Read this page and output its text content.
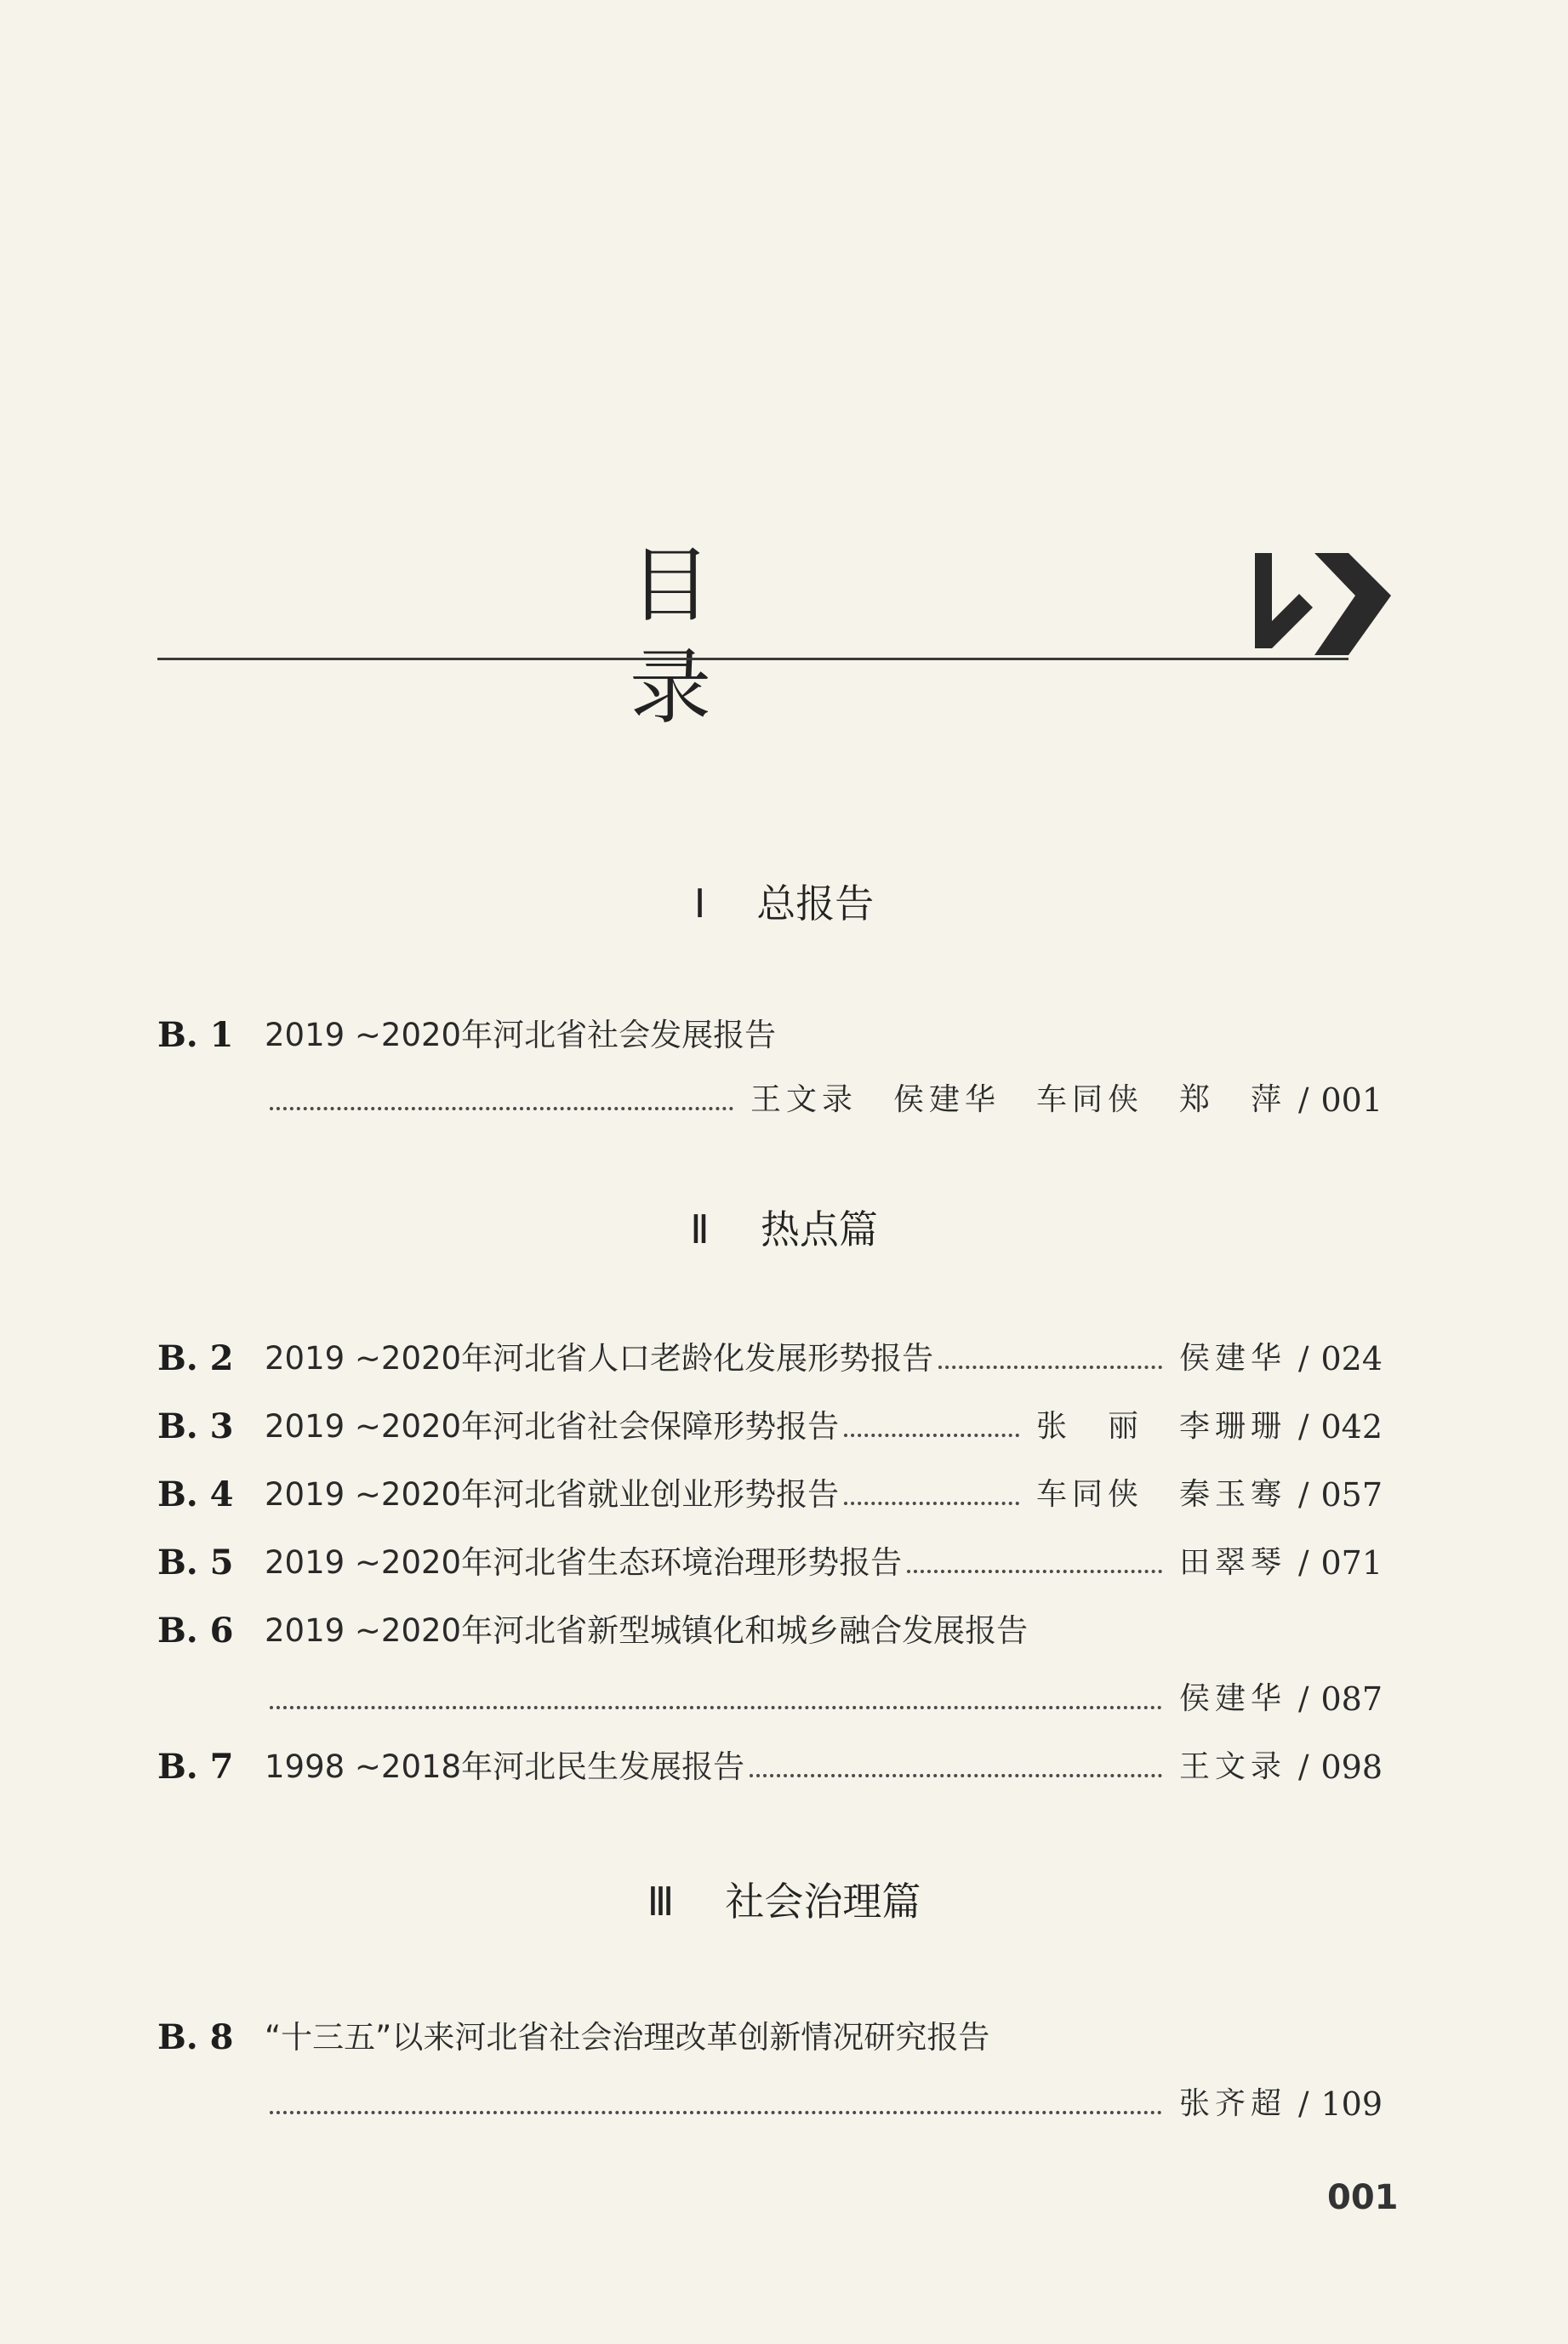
目　录
Ⅰ 总报告
B. 1 2019 ~2020年河北省社会发展报告
王文录　侯建华　车同侠　郑　萍 / 001
Ⅱ 热点篇
B. 2 2019 ~2020年河北省人口老龄化发展形势报告	侯建华 / 024
B. 3 2019 ~2020年河北省社会保障形势报告	张　丽　李珊珊 / 042
B. 4 2019 ~2020年河北省就业创业形势报告	车同侠　秦玉骞 / 057
B. 5 2019 ~2020年河北省生态环境治理形势报告	田翠琴 / 071
B. 6 2019 ~2020年河北省新型城镇化和城乡融合发展报告
侯建华 / 087
B. 7 1998 ~2018年河北民生发展报告	王文录 / 098
Ⅲ 社会治理篇
B. 8 “十三五”以来河北省社会治理改革创新情况研究报告
张齐超 / 109
001
